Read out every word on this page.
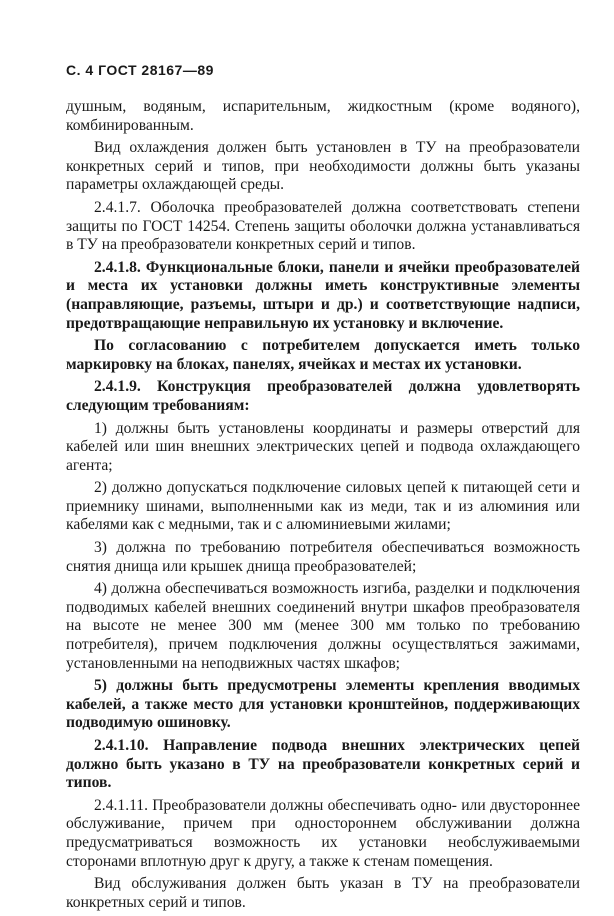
С. 4 ГОСТ 28167—89

душным, водяным, испарительным, жидкостным (кроме водяного), комбинированным.

Вид охлаждения должен быть установлен в ТУ на преобразователи конкретных серий и типов, при необходимости должны быть указаны параметры охлаждающей среды.

2.4.1.7. Оболочка преобразователей должна соответствовать степени защиты по ГОСТ 14254. Степень защиты оболочки должна устанавливаться в ТУ на преобразователи конкретных серий и типов.

2.4.1.8. Функциональные блоки, панели и ячейки преобразователей и места их установки должны иметь конструктивные элементы (направляющие, разъемы, штыри и др.) и соответствующие надписи, предотвращающие неправильную их установку и включение.

По согласованию с потребителем допускается иметь только маркировку на блоках, панелях, ячейках и местах их установки.

2.4.1.9. Конструкция преобразователей должна удовлетворять следующим требованиям:

1) должны быть установлены координаты и размеры отверстий для кабелей или шин внешних электрических цепей и подвода охлаждающего агента;

2) должно допускаться подключение силовых цепей к питающей сети и приемнику шинами, выполненными как из меди, так и из алюминия или кабелями как с медными, так и с алюминиевыми жилами;

3) должна по требованию потребителя обеспечиваться возможность снятия днища или крышек днища преобразователей;

4) должна обеспечиваться возможность изгиба, разделки и подключения подводимых кабелей внешних соединений внутри шкафов преобразователя на высоте не менее 300 мм (менее 300 мм только по требованию потребителя), причем подключения должны осуществляться зажимами, установленными на неподвижных частях шкафов;

5) должны быть предусмотрены элементы крепления вводимых кабелей, а также место для установки кронштейнов, поддерживающих подводимую ошиновку.

2.4.1.10. Направление подвода внешних электрических цепей должно быть указано в ТУ на преобразователи конкретных серий и типов.

2.4.1.11. Преобразователи должны обеспечивать одно- или двустороннее обслуживание, причем при одностороннем обслуживании должна предусматриваться возможность их установки необслуживаемыми сторонами вплотную друг к другу, а также к стенам помещения.

Вид обслуживания должен быть указан в ТУ на преобразователи конкретных серий и типов.
